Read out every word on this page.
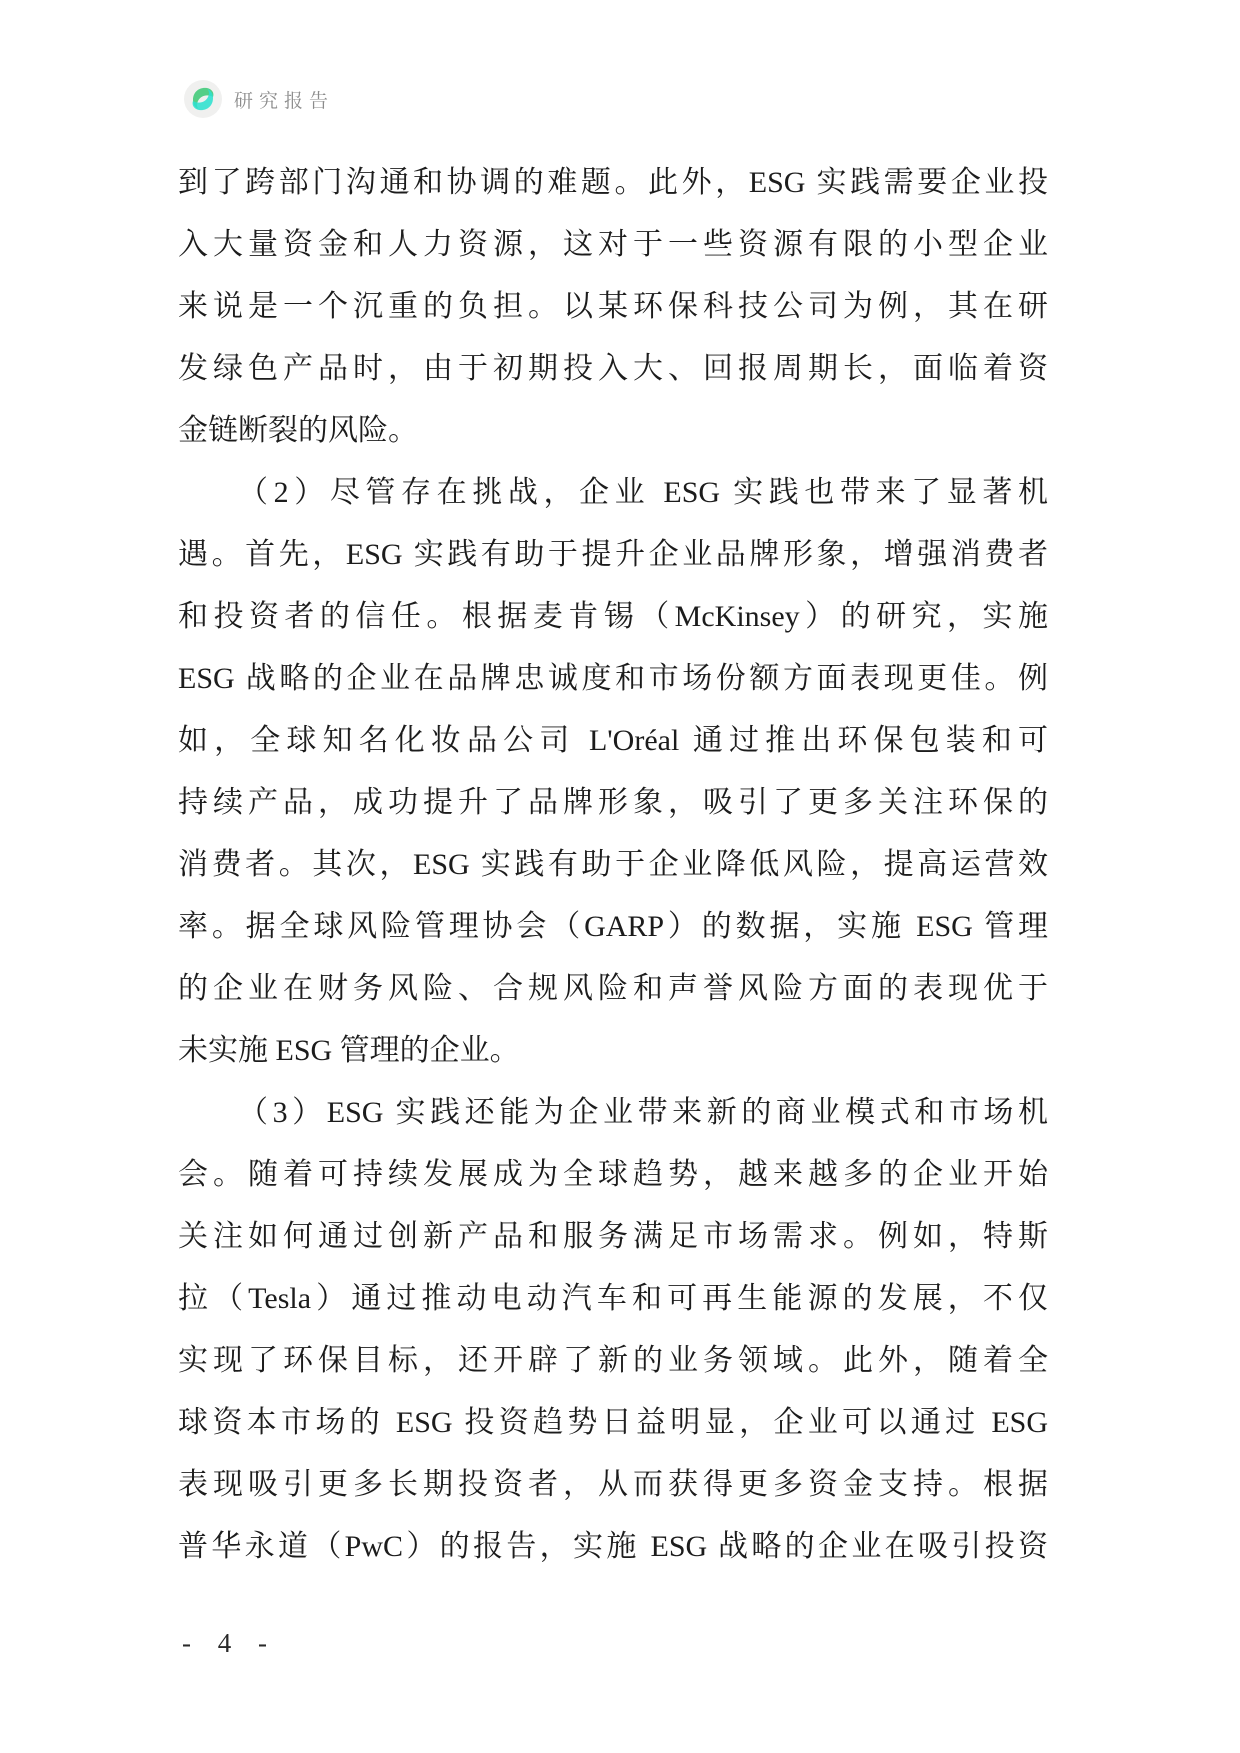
研究报告
到了跨部门沟通和协调的难题。此外，ESG 实践需要企业投
入大量资金和人力资源，这对于一些资源有限的小型企业
来说是一个沉重的负担。以某环保科技公司为例，其在研
发绿色产品时，由于初期投入大、回报周期长，面临着资
金链断裂的风险。
（2）尽管存在挑战，企业 ESG 实践也带来了显著机
遇。首先，ESG 实践有助于提升企业品牌形象，增强消费者
和投资者的信任。根据麦肯锡（McKinsey）的研究，实施
ESG 战略的企业在品牌忠诚度和市场份额方面表现更佳。例
如，全球知名化妆品公司 L'Oréal 通过推出环保包装和可
持续产品，成功提升了品牌形象，吸引了更多关注环保的
消费者。其次，ESG 实践有助于企业降低风险，提高运营效
率。据全球风险管理协会（GARP）的数据，实施 ESG 管理
的企业在财务风险、合规风险和声誉风险方面的表现优于
未实施 ESG 管理的企业。
（3）ESG 实践还能为企业带来新的商业模式和市场机
会。随着可持续发展成为全球趋势，越来越多的企业开始
关注如何通过创新产品和服务满足市场需求。例如，特斯
拉（Tesla）通过推动电动汽车和可再生能源的发展，不仅
实现了环保目标，还开辟了新的业务领域。此外，随着全
球资本市场的 ESG 投资趋势日益明显，企业可以通过 ESG
表现吸引更多长期投资者，从而获得更多资金支持。根据
普华永道（PwC）的报告，实施 ESG 战略的企业在吸引投资
- 4 -
